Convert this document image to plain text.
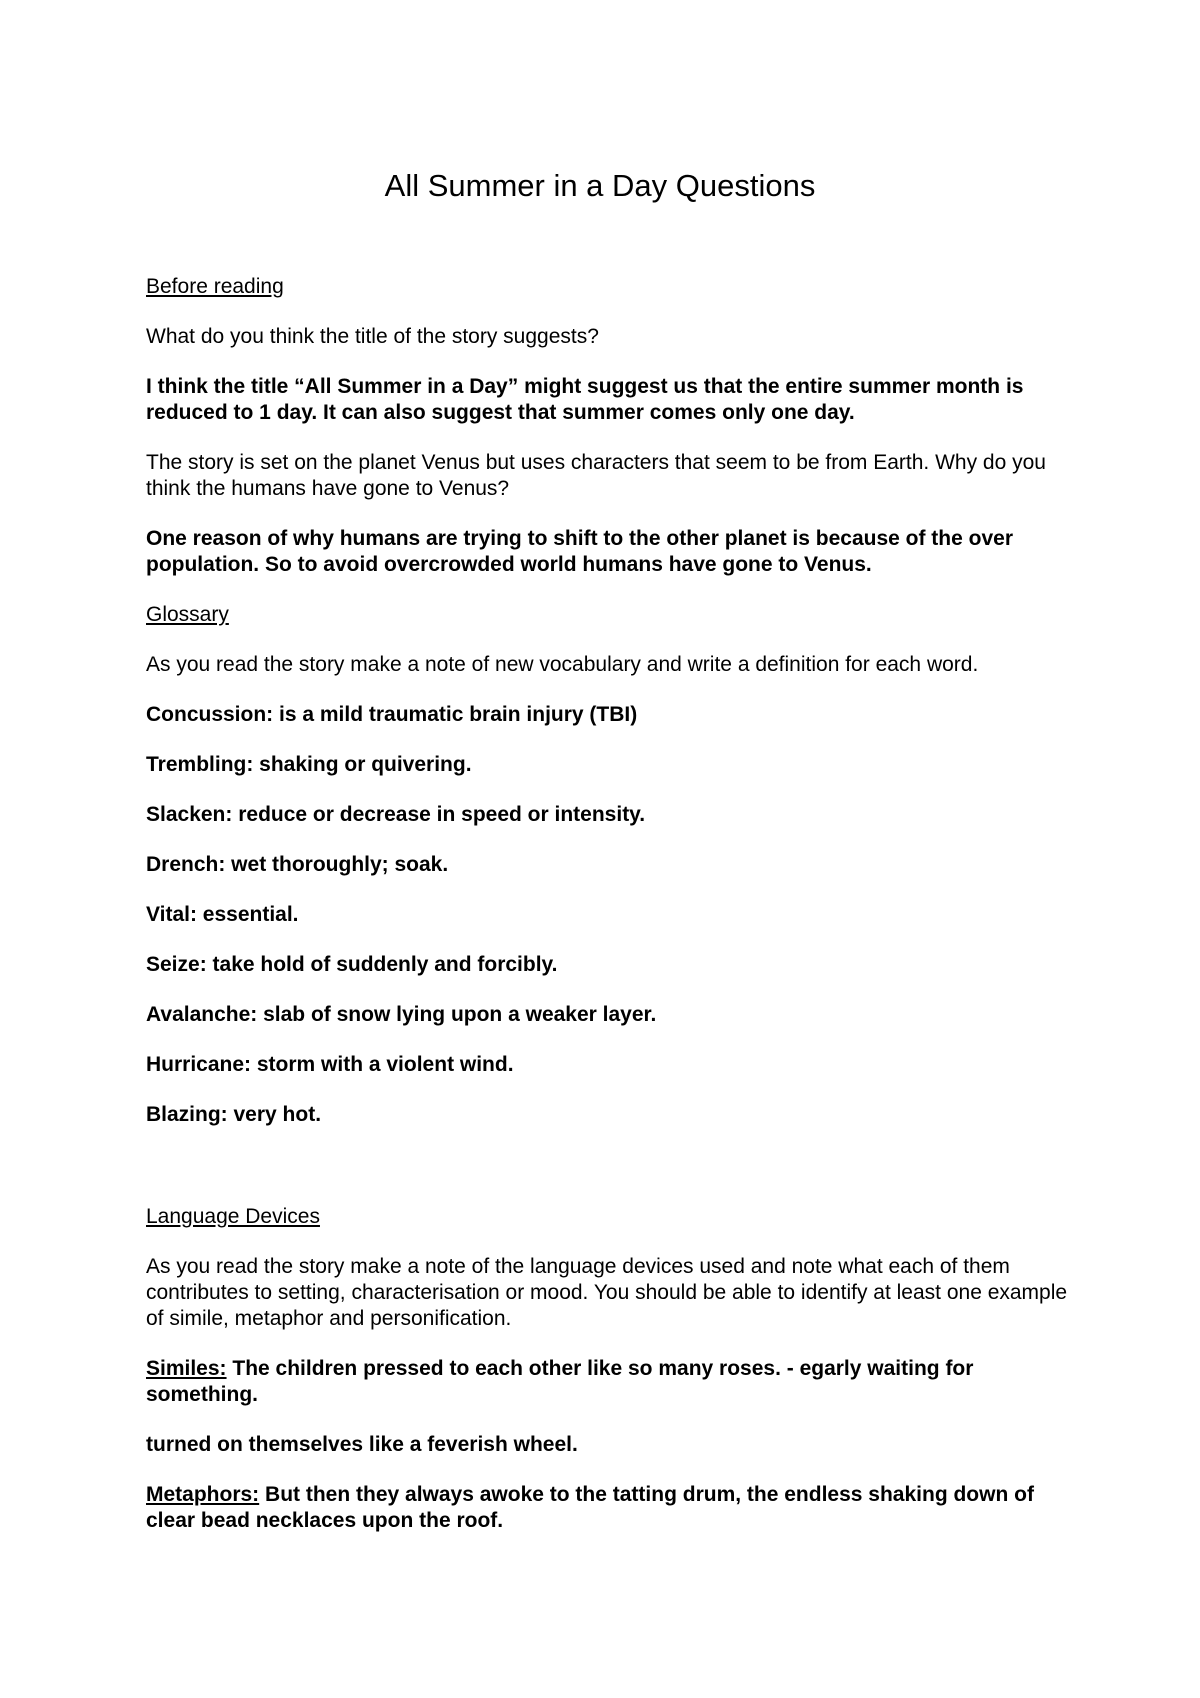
All Summer in a Day Questions
Before reading

What do you think the title of the story suggests?

I think the title “All Summer in a Day” might suggest us that the entire summer month is reduced to 1 day. It can also suggest that summer comes only one day.

The story is set on the planet Venus but uses characters that seem to be from Earth. Why do you think the humans have gone to Venus?

One reason of why humans are trying to shift to the other planet is because of the over population. So to avoid overcrowded world humans have gone to Venus.

Glossary

As you read the story make a note of new vocabulary and write a definition for each word.

Concussion: is a mild traumatic brain injury (TBI)
Trembling: shaking or quivering.
Slacken: reduce or decrease in speed or intensity.
Drench: wet thoroughly; soak.
Vital: essential.
Seize: take hold of suddenly and forcibly.
Avalanche: slab of snow lying upon a weaker layer.
Hurricane: storm with a violent wind.
Blazing: very hot.
Language Devices

As you read the story make a note of the language devices used and note what each of them contributes to setting, characterisation or mood. You should be able to identify at least one example of simile, metaphor and personification.

Similes: The children pressed to each other like so many roses. - egarly waiting for something.

turned on themselves like a feverish wheel.

Metaphors: But then they always awoke to the tatting drum, the endless shaking down of clear bead necklaces upon the roof.
